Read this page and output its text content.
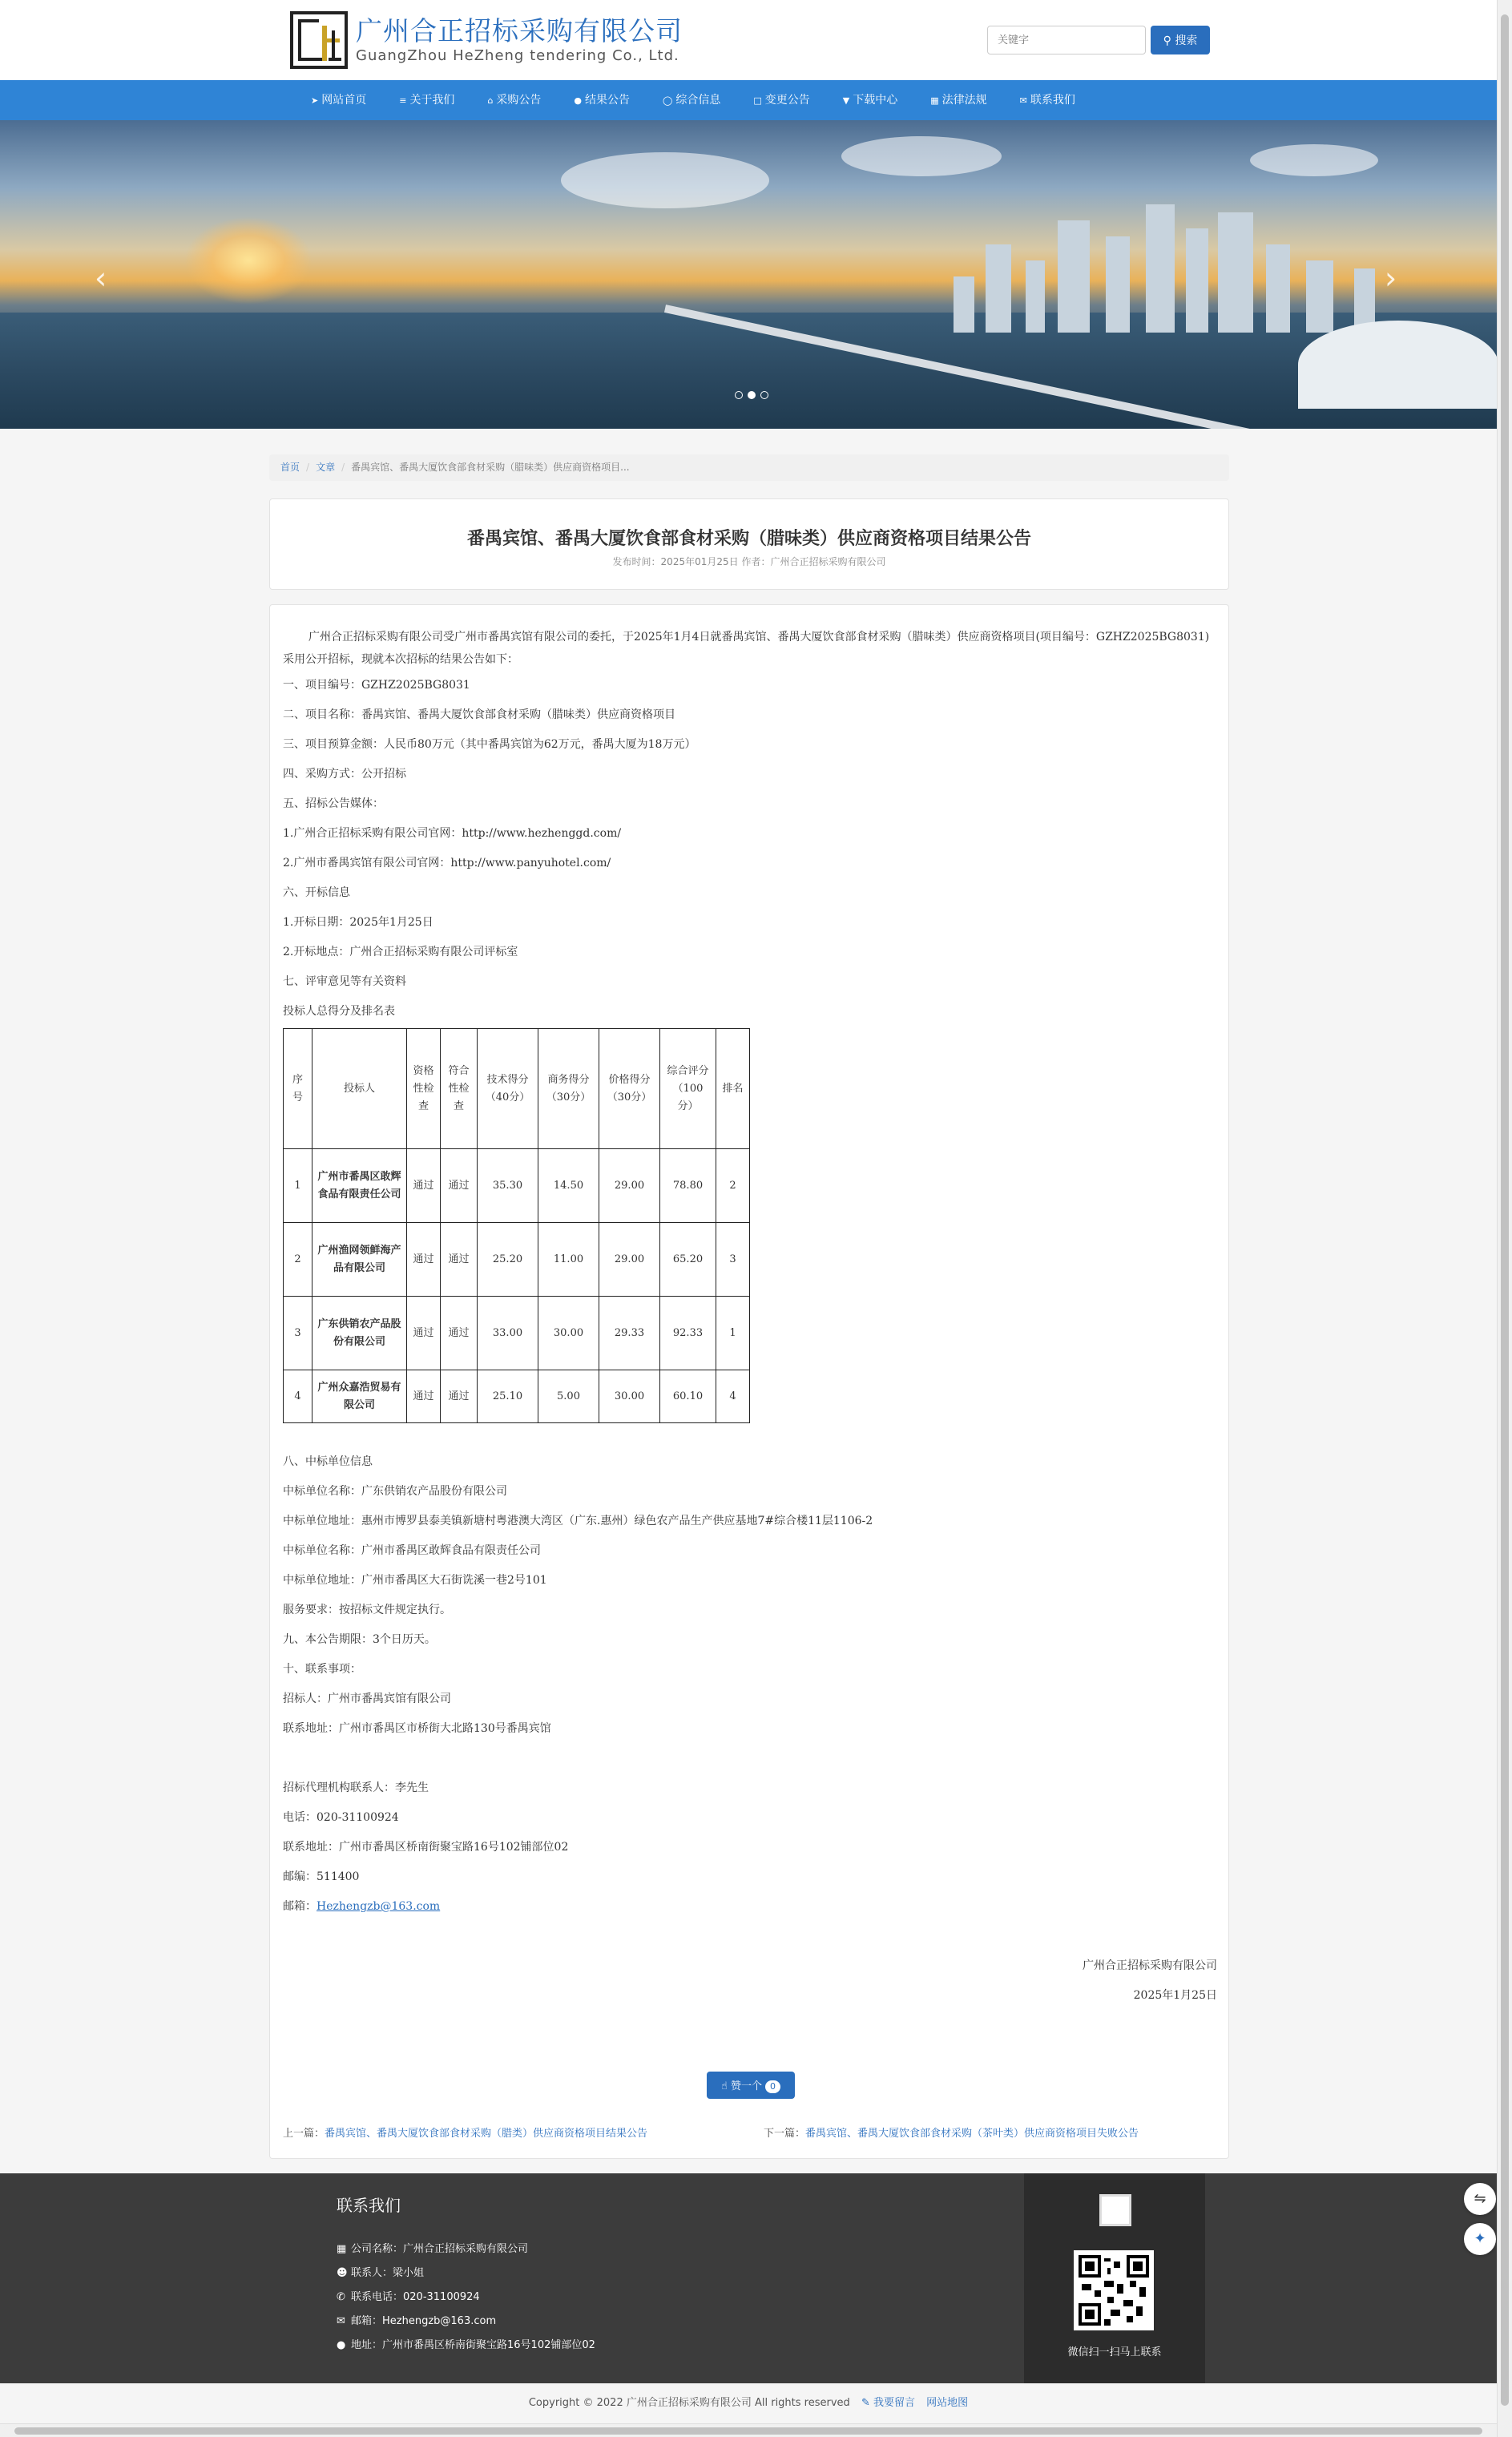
广州合正招标采购有限公司
GuangZhou HeZheng tendering Co., Ltd.
关键字
⚲ 搜索
➤ 网站首页	≡ 关于我们	⌂ 采购公告	● 结果公告	◯ 综合信息	□ 变更公告	▼ 下载中心	▦ 法律法规	✉ 联系我们
‹	›
首页 / 文章 / 番禺宾馆、番禺大厦饮食部食材采购（腊味类）供应商资格项目...
番禺宾馆、番禺大厦饮食部食材采购（腊味类）供应商资格项目结果公告
发布时间：2025年01月25日 作者：广州合正招标采购有限公司

广州合正招标采购有限公司受广州市番禺宾馆有限公司的委托，于2025年1月4日就番禺宾馆、番禺大厦饮食部食材采购（腊味类）供应商资格项目(项目编号：GZHZ2025BG8031)采用公开招标，现就本次招标的结果公告如下：

一、项目编号：GZHZ2025BG8031

二、项目名称：番禺宾馆、番禺大厦饮食部食材采购（腊味类）供应商资格项目

三、项目预算金额：人民币80万元（其中番禺宾馆为62万元，番禺大厦为18万元）

四、采购方式：公开招标

五、招标公告媒体：

1.广州合正招标采购有限公司官网：http://www.hezhenggd.com/

2.广州市番禺宾馆有限公司官网：http://www.panyuhotel.com/

六、开标信息

1.开标日期：2025年1月25日

2.开标地点：广州合正招标采购有限公司评标室

七、评审意见等有关资料

投标人总得分及排名表

序号	投标人	资格性检查	符合性检查	技术得分（40分）	商务得分（30分）	价格得分（30分）	综合评分（100分）	排名
1	广州市番禺区敢辉食品有限责任公司	通过	通过	35.30	14.50	29.00	78.80	2
2	广州渔网领鲜海产品有限公司	通过	通过	25.20	11.00	29.00	65.20	3
3	广东供销农产品股份有限公司	通过	通过	33.00	30.00	29.33	92.33	1
4	广州众嘉浩贸易有限公司	通过	通过	25.10	5.00	30.00	60.10	4

八、中标单位信息

中标单位名称：广东供销农产品股份有限公司

中标单位地址：惠州市博罗县泰美镇新塘村粤港澳大湾区（广东.惠州）绿色农产品生产供应基地7#综合楼11层1106-2

中标单位名称：广州市番禺区敢辉食品有限责任公司

中标单位地址：广州市番禺区大石街诜溪一巷2号101

服务要求：按招标文件规定执行。

九、本公告期限：3个日历天。

十、联系事项：

招标人：广州市番禺宾馆有限公司

联系地址：广州市番禺区市桥街大北路130号番禺宾馆

招标代理机构联系人：李先生

电话：020-31100924

联系地址：广州市番禺区桥南街聚宝路16号102铺部位02

邮编：511400

邮箱：Hezhengzb@163.com

广州合正招标采购有限公司

2025年1月25日

☝ 赞一个 0
上一篇：番禺宾馆、番禺大厦饮食部食材采购（腊类）供应商资格项目结果公告	下一篇：番禺宾馆、番禺大厦饮食部食材采购（茶叶类）供应商资格项目失败公告
联系我们
▦ 公司名称：广州合正招标采购有限公司
☻ 联系人：梁小姐
✆ 联系电话：020-31100924
✉ 邮箱：Hezhengzb@163.com
● 地址：广州市番禺区桥南街聚宝路16号102铺部位02
微信扫一扫马上联系
Copyright © 2022 广州合正招标采购有限公司 All rights reserved ✎ 我要留言 网站地图
⇋
✦
